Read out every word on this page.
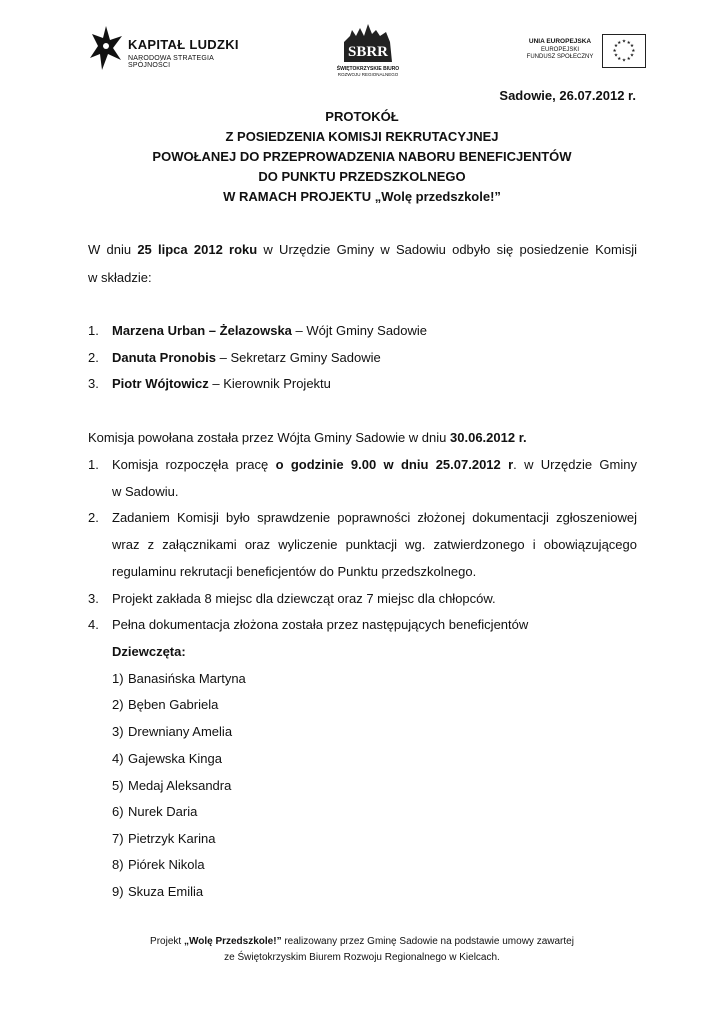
KAPITAŁ LUDZKI
NARODOWA STRATEGIA SPÓJNOŚCI
SBRR
ŚWIĘTOKRZYSKIE BIURO
ROZWOJU REGIONALNEGO
UNIA EUROPEJSKA
EUROPEJSKI
FUNDUSZ SPOŁECZNY
★ ★
★
★
★
★
★
★
★
★
★
★
Sadowie, 26.07.2012 r.
PROTOKÓŁ
Z POSIEDZENIA KOMISJI REKRUTACYJNEJ
POWOŁANEJ DO PRZEPROWADZENIA NABORU BENEFICJENTÓW
DO PUNKTU PRZEDSZKOLNEGO
W RAMACH PROJEKTU „Wolę przedszkole!”
W dniu 25 lipca 2012 roku w Urzędzie Gminy w Sadowiu odbyło się posiedzenie Komisji
w składzie:
1. Marzena Urban – Żelazowska – Wójt Gminy Sadowie
2. Danuta Pronobis – Sekretarz Gminy Sadowie
3. Piotr Wójtowicz – Kierownik Projektu
Komisja powołana została przez Wójta Gminy Sadowie w dniu 30.06.2012 r.
1. Komisja rozpoczęła pracę o godzinie 9.00 w dniu 25.07.2012 r. w Urzędzie Gminy
w Sadowiu.
2. Zadaniem Komisji było sprawdzenie poprawności złożonej dokumentacji zgłoszeniowej
wraz z załącznikami oraz wyliczenie punktacji wg. zatwierdzonego i obowiązującego
regulaminu rekrutacji beneficjentów do Punktu przedszkolnego.
3. Projekt zakłada 8 miejsc dla dziewcząt oraz 7 miejsc dla chłopców.
4. Pełna dokumentacja złożona została przez następujących beneficjentów
Dziewczęta:
1) Banasińska Martyna
2) Bęben Gabriela
3) Drewniany Amelia
4) Gajewska Kinga
5) Medaj Aleksandra
6) Nurek Daria
7) Pietrzyk Karina
8) Piórek Nikola
9) Skuza Emilia
Projekt „Wolę Przedszkole!” realizowany przez Gminę Sadowie na podstawie umowy zawartej
ze Świętokrzyskim Biurem Rozwoju Regionalnego w Kielcach.
